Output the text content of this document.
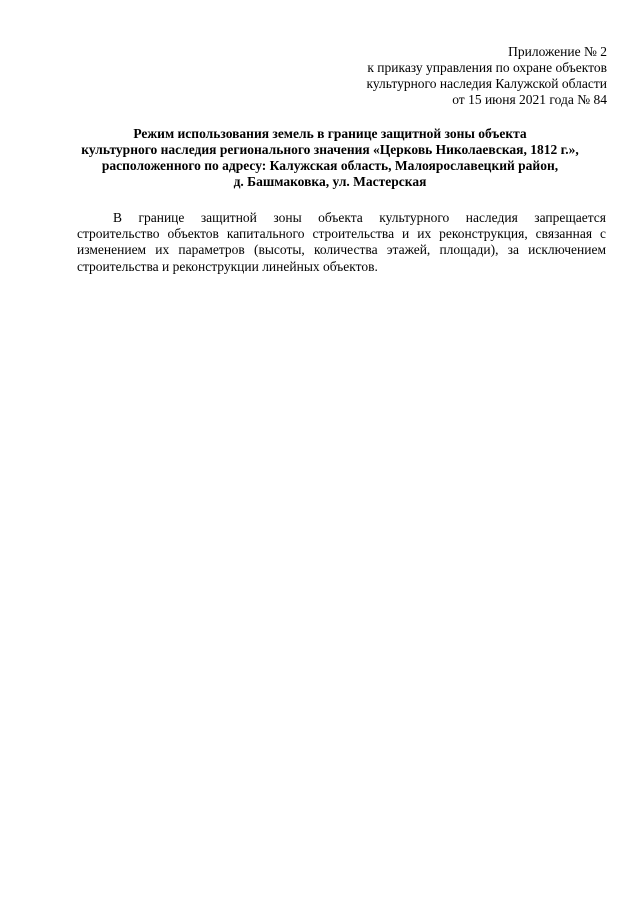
Приложение № 2
к приказу управления по охране объектов
культурного наследия Калужской области
от 15 июня 2021 года № 84
Режим использования земель в границе защитной зоны объекта
культурного наследия регионального значения «Церковь Николаевская, 1812 г.»,
расположенного по адресу: Калужская область, Малоярославецкий район,
д. Башмаковка, ул. Мастерская
В границе защитной зоны объекта культурного наследия запрещается
строительство объектов капитального строительства и их реконструкция, связанная с
изменением их параметров (высоты, количества этажей, площади), за исключением
строительства и реконструкции линейных объектов.
